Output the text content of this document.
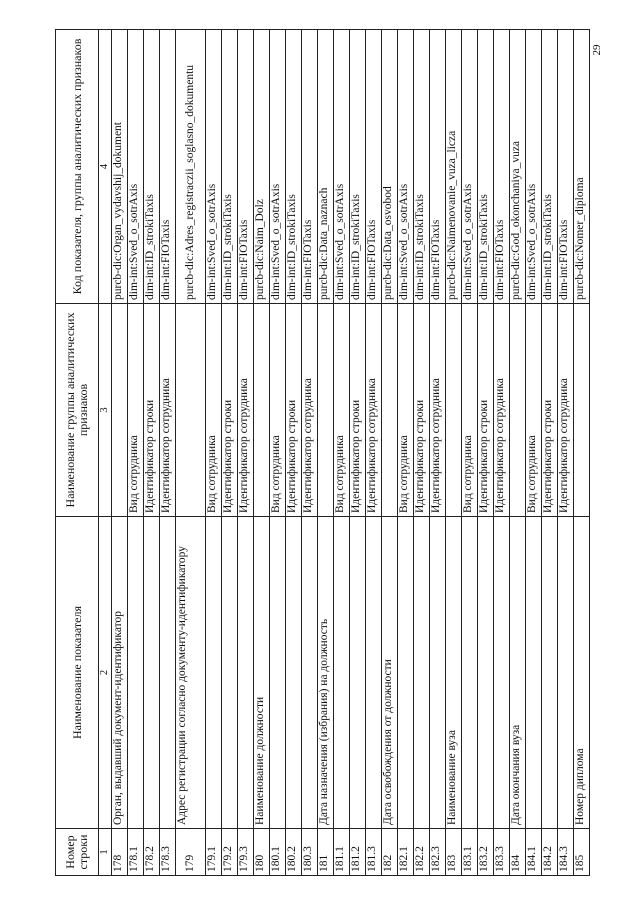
29
Номер строки	Наименование показателя	Наименование группы аналитических признаков	Код показателя, группы аналитических признаков
1	2	3	4
178	Орган, выдавший документ-идентификатор		purcb-dic:Organ_vydavshij_dokument
178.1		Вид сотрудника	dim-int:Sved_o_sotrAxis
178.2		Идентификатор строки	dim-int:ID_strokiTaxis
178.3		Идентификатор сотрудника	dim-int:FIOTaxis
179	Адрес регистрации согласно документу-идентификатору		purcb-dic:Adres_registraczii_soglasno_dokumentu
179.1		Вид сотрудника	dim-int:Sved_o_sotrAxis
179.2		Идентификатор строки	dim-int:ID_strokiTaxis
179.3		Идентификатор сотрудника	dim-int:FIOTaxis
180	Наименование должности		purcb-dic:Naim_Dolz
180.1		Вид сотрудника	dim-int:Sved_o_sotrAxis
180.2		Идентификатор строки	dim-int:ID_strokiTaxis
180.3		Идентификатор сотрудника	dim-int:FIOTaxis
181	Дата назначения (избрания) на должность		purcb-dic:Data_naznach
181.1		Вид сотрудника	dim-int:Sved_o_sotrAxis
181.2		Идентификатор строки	dim-int:ID_strokiTaxis
181.3		Идентификатор сотрудника	dim-int:FIOTaxis
182	Дата освобождения от должности		purcb-dic:Data_osvobod
182.1		Вид сотрудника	dim-int:Sved_o_sotrAxis
182.2		Идентификатор строки	dim-int:ID_strokiTaxis
182.3		Идентификатор сотрудника	dim-int:FIOTaxis
183	Наименование вуза		purcb-dic:Naimenovanie_vuza_licza
183.1		Вид сотрудника	dim-int:Sved_o_sotrAxis
183.2		Идентификатор строки	dim-int:ID_strokiTaxis
183.3		Идентификатор сотрудника	dim-int:FIOTaxis
184	Дата окончания вуза		purcb-dic:God_okonchaniya_vuza
184.1		Вид сотрудника	dim-int:Sved_o_sotrAxis
184.2		Идентификатор строки	dim-int:ID_strokiTaxis
184.3		Идентификатор сотрудника	dim-int:FIOTaxis
185	Номер диплома		purcb-dic:Nomer_diploma
